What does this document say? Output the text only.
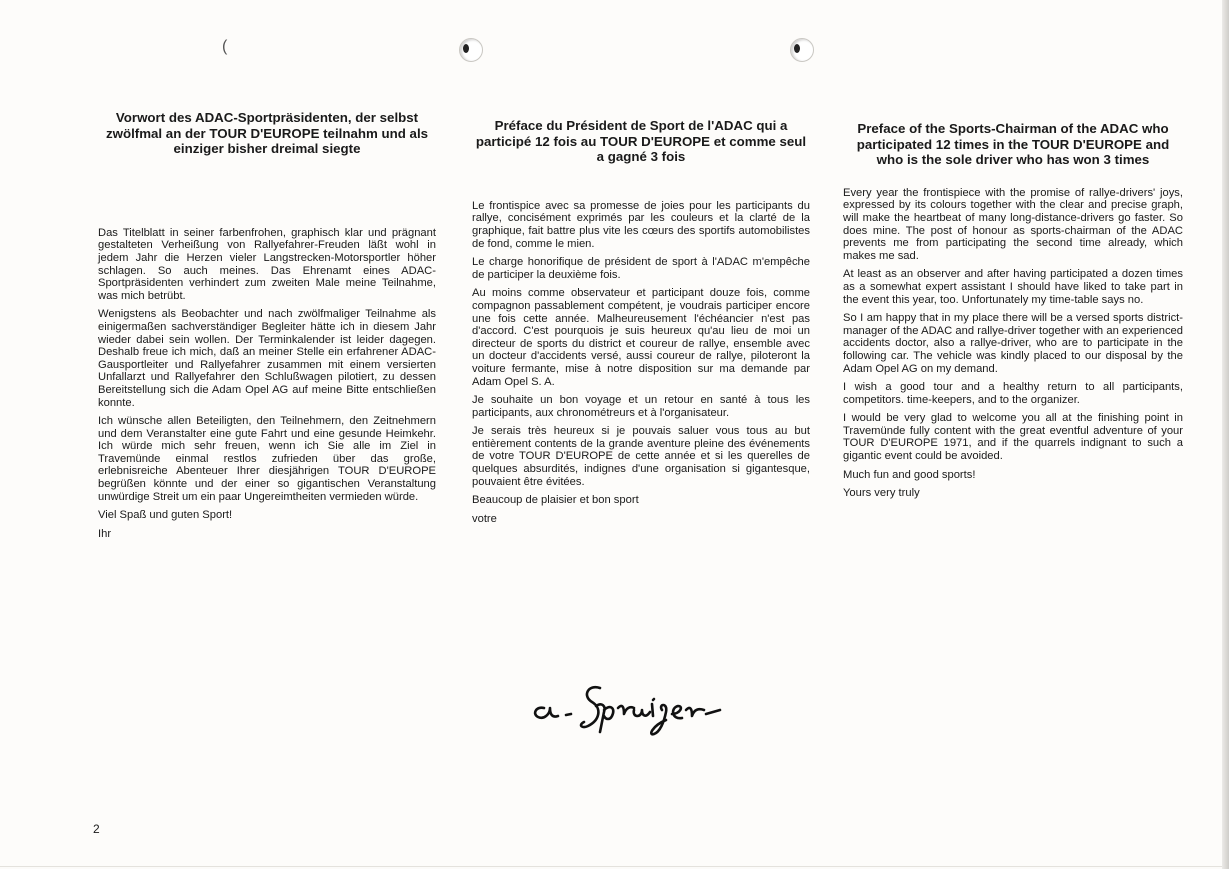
(
Vorwort des ADAC-Sportpräsidenten, der selbst zwölfmal an der TOUR D'EUROPE teilnahm und als einziger bisher dreimal siegte

Das Titelblatt in seiner farbenfrohen, graphisch klar und prägnant gestalteten Verheißung von Rallyefahrer-Freuden läßt wohl in jedem Jahr die Herzen vieler Langstrecken-Motorsportler höher schlagen. So auch meines. Das Ehrenamt eines ADAC-Sportpräsidenten verhindert zum zweiten Male meine Teilnahme, was mich betrübt.

Wenigstens als Beobachter und nach zwölfmaliger Teilnahme als einigermaßen sachverständiger Begleiter hätte ich in diesem Jahr wieder dabei sein wollen. Der Terminkalender ist leider dagegen. Deshalb freue ich mich, daß an meiner Stelle ein erfahrener ADAC-Gausportleiter und Rallyefahrer zusammen mit einem versierten Unfallarzt und Rallyefahrer den Schlußwagen pilotiert, zu dessen Bereitstellung sich die Adam Opel AG auf meine Bitte entschließen konnte.

Ich wünsche allen Beteiligten, den Teilnehmern, den Zeitnehmern und dem Veranstalter eine gute Fahrt und eine gesunde Heimkehr. Ich würde mich sehr freuen, wenn ich Sie alle im Ziel in Travemünde einmal restlos zufrieden über das große, erlebnisreiche Abenteuer Ihrer diesjährigen TOUR D'EUROPE begrüßen könnte und der einer so gigantischen Veranstaltung unwürdige Streit um ein paar Ungereimtheiten vermieden würde.

Viel Spaß und guten Sport!

Ihr

Préface du Président de Sport de l'ADAC qui a participé 12 fois au TOUR D'EUROPE et comme seul a gagné 3 fois

Le frontispice avec sa promesse de joies pour les participants du rallye, concisément exprimés par les couleurs et la clarté de la graphique, fait battre plus vite les cœurs des sportifs automobilistes de fond, comme le mien.

Le charge honorifique de président de sport à l'ADAC m'empêche de participer la deuxième fois.

Au moins comme observateur et participant douze fois, comme compagnon passablement compétent, je voudrais participer encore une fois cette année. Malheureusement l'échéancier n'est pas d'accord. C'est pourquois je suis heureux qu'au lieu de moi un directeur de sports du district et coureur de rallye, ensemble avec un docteur d'accidents versé, aussi coureur de rallye, piloteront la voiture fermante, mise à notre disposition sur ma demande par Adam Opel S. A.

Je souhaite un bon voyage et un retour en santé à tous les participants, aux chronométreurs et à l'organisateur.

Je serais très heureux si je pouvais saluer vous tous au but entièrement contents de la grande aventure pleine des événements de votre TOUR D'EUROPE de cette année et si les querelles de quelques absurdités, indignes d'une organisation si gigantesque, pouvaient être évitées.

Beaucoup de plaisier et bon sport

votre

Preface of the Sports-Chairman of the ADAC who participated 12 times in the TOUR D'EUROPE and who is the sole driver who has won 3 times

Every year the frontispiece with the promise of rallye-drivers' joys, expressed by its colours together with the clear and precise graph, will make the heartbeat of many long-distance-drivers go faster. So does mine. The post of honour as sports-chairman of the ADAC prevents me from participating the second time already, which makes me sad.

At least as an observer and after having participated a dozen times as a somewhat expert assistant I should have liked to take part in the event this year, too. Unfortunately my time-table says no.

So I am happy that in my place there will be a versed sports district-manager of the ADAC and rallye-driver together with an experienced accidents doctor, also a rallye-driver, who are to participate in the following car. The vehicle was kindly placed to our disposal by the Adam Opel AG on my demand.

I wish a good tour and a healthy return to all participants, competitors. time-keepers, and to the organizer.

I would be very glad to welcome you all at the finishing point in Travemünde fully content with the great eventful adventure of your TOUR D'EUROPE 1971, and if the quarrels indignant to such a gigantic event could be avoided.

Much fun and good sports!

Yours very truly

2
